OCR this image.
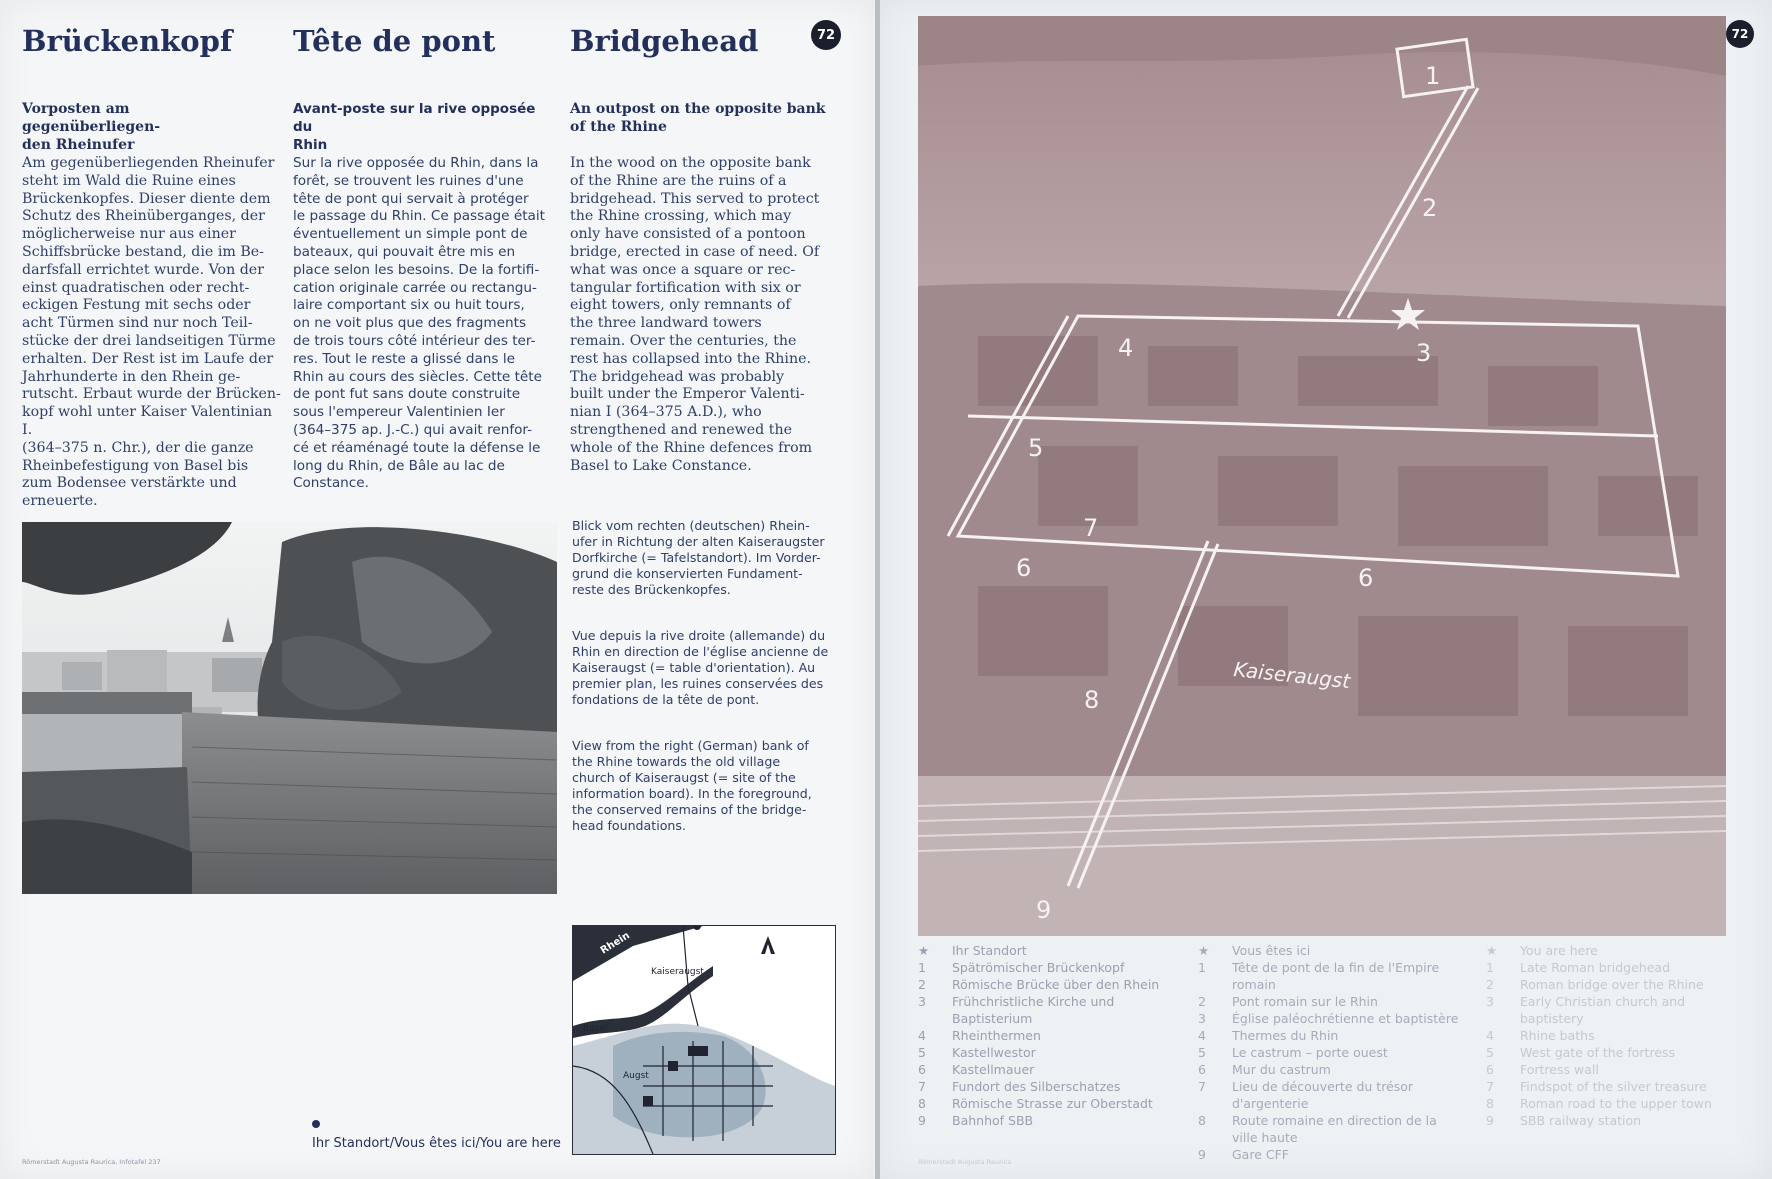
Brückenkopf Tête de pont	Bridgehead	72
Vorposten am gegenüberliegen-
den Rheinufer
Avant-poste sur la rive opposée du
Rhin
An outpost on the opposite bank
of the Rhine
Am gegenüberliegenden Rheinufer
steht im Wald die Ruine eines
Brückenkopfes. Dieser diente dem
Schutz des Rheinüberganges, der
möglicherweise nur aus einer
Schiffsbrücke bestand, die im Be-
darfsfall errichtet wurde. Von der
einst quadratischen oder recht-
eckigen Festung mit sechs oder
acht Türmen sind nur noch Teil-
stücke der drei landseitigen Türme
erhalten. Der Rest ist im Laufe der
Jahrhunderte in den Rhein ge-
rutscht. Erbaut wurde der Brücken-
kopf wohl unter Kaiser Valentinian I.
(364–375 n. Chr.), der die ganze
Rheinbefestigung von Basel bis
zum Bodensee verstärkte und
erneuerte.
Sur la rive opposée du Rhin, dans la
forêt, se trouvent les ruines d'une
tête de pont qui servait à protéger
le passage du Rhin. Ce passage était
éventuellement un simple pont de
bateaux, qui pouvait être mis en
place selon les besoins. De la fortifi-
cation originale carrée ou rectangu-
laire comportant six ou huit tours,
on ne voit plus que des fragments
de trois tours côté intérieur des ter-
res. Tout le reste a glissé dans le
Rhin au cours des siècles. Cette tête
de pont fut sans doute construite
sous l'empereur Valentinien Ier
(364–375 ap. J.-C.) qui avait renfor-
cé et réaménagé toute la défense le
long du Rhin, de Bâle au lac de
Constance.
In the wood on the opposite bank
of the Rhine are the ruins of a
bridgehead. This served to protect
the Rhine crossing, which may
only have consisted of a pontoon
bridge, erected in case of need. Of
what was once a square or rec-
tangular fortification with six or
eight towers, only remnants of
the three landward towers
remain. Over the centuries, the
rest has collapsed into the Rhine.
The bridgehead was probably
built under the Emperor Valenti-
nian I (364–375 A.D.), who
strengthened and renewed the
whole of the Rhine defences from
Basel to Lake Constance.
Blick vom rechten (deutschen) Rhein-
ufer in Richtung der alten Kaiseraugster
Dorfkirche (= Tafelstandort). Im Vorder-
grund die konservierten Fundament-
reste des Brückenkopfes.
Vue depuis la rive droite (allemande) du
Rhin en direction de l'église ancienne de
Kaiseraugst (= table d'orientation). Au
premier plan, les ruines conservées des
fondations de la tête de pont.
View from the right (German) bank of
the Rhine towards the old village
church of Kaiseraugst (= site of the
information board). In the foreground,
the conserved remains of the bridge-
head foundations.
Rhein
Kaiseraugst
Basel
Augst
Ihr Standort/Vous êtes ici/You are here
Römerstadt Augusta Raurica, Infotafel 237
1
2
3
4
5
6	6
7
8
9
Kaiseraugst
72
★	Ihr Standort
1	Spätrömischer Brückenkopf
2	Römische Brücke über den Rhein
3	Frühchristliche Kirche und
Baptisterium
4	Rheinthermen
5	Kastellwestor
6	Kastellmauer
7	Fundort des Silberschatzes
8	Römische Strasse zur Oberstadt
9	Bahnhof SBB
★	Vous êtes ici
1	Tête de pont de la fin de l'Empire
romain
2	Pont romain sur le Rhin
3	Église paléochrétienne et baptistère
4	Thermes du Rhin
5	Le castrum – porte ouest
6	Mur du castrum
7	Lieu de découverte du trésor
d'argenterie
8	Route romaine en direction de la
ville haute
9	Gare CFF
★	You are here
1	Late Roman bridgehead
2	Roman bridge over the Rhine
3	Early Christian church and
baptistery
4	Rhine baths
5	West gate of the fortress
6	Fortress wall
7	Findspot of the silver treasure
8	Roman road to the upper town
9	SBB railway station
Römerstadt Augusta Raurica
